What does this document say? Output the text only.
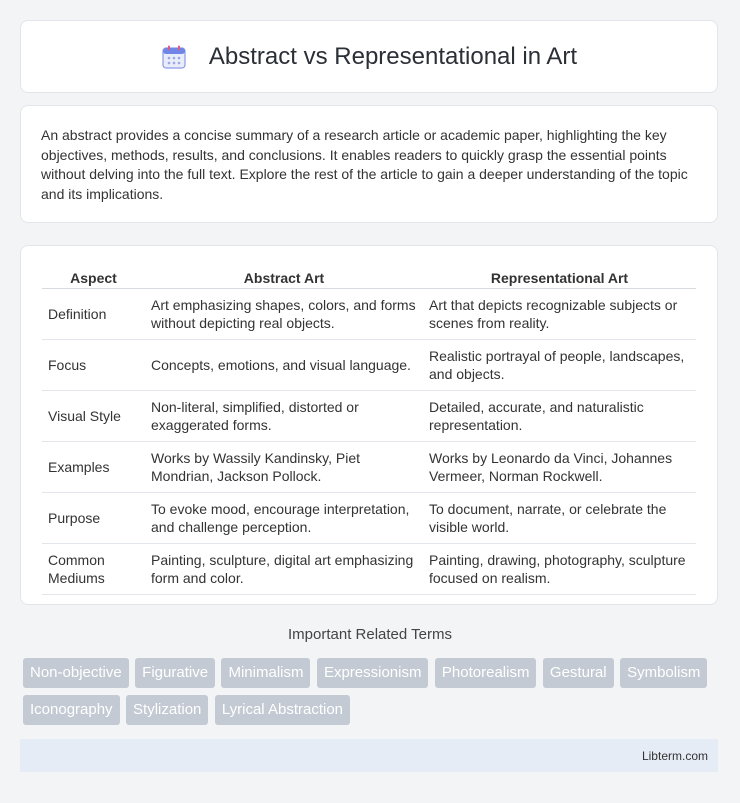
Abstract vs Representational in Art

An abstract provides a concise summary of a research article or academic paper, highlighting the key objectives, methods, results, and conclusions. It enables readers to quickly grasp the essential points without delving into the full text. Explore the rest of the article to gain a deeper understanding of the topic and its implications.

Aspect	Abstract Art	Representational Art
Definition	Art emphasizing shapes, colors, and forms without depicting real objects.	Art that depicts recognizable subjects or scenes from reality.
Focus	Concepts, emotions, and visual language.	Realistic portrayal of people, landscapes, and objects.
Visual Style	Non-literal, simplified, distorted or exaggerated forms.	Detailed, accurate, and naturalistic representation.
Examples	Works by Wassily Kandinsky, Piet Mondrian, Jackson Pollock.	Works by Leonardo da Vinci, Johannes Vermeer, Norman Rockwell.
Purpose	To evoke mood, encourage interpretation, and challenge perception.	To document, narrate, or celebrate the visible world.
Common Mediums	Painting, sculpture, digital art emphasizing form and color.	Painting, drawing, photography, sculpture focused on realism.
Important Related Terms
Non-objective Figurative Minimalism Expressionism Photorealism Gestural Symbolism Iconography Stylization Lyrical Abstraction
Libterm.com
